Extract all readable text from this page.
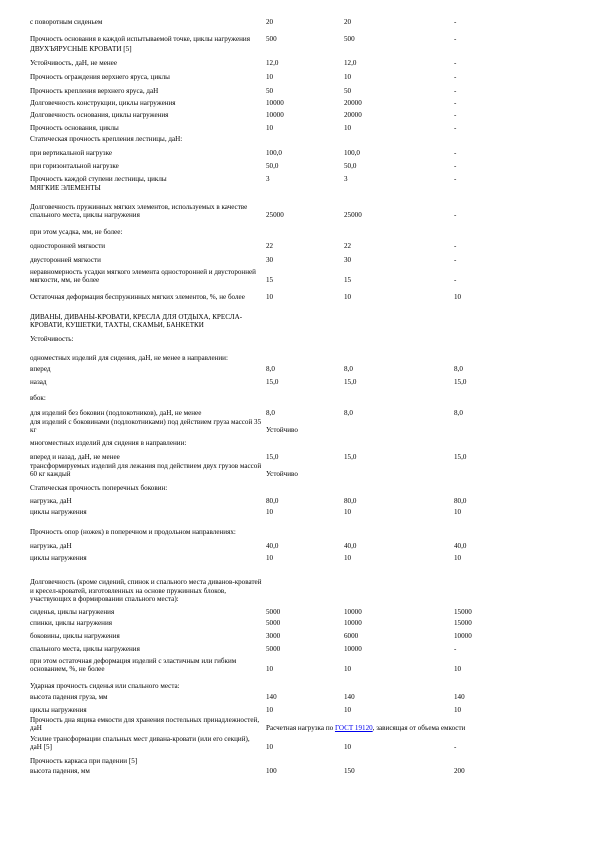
с поворотным сиденьем	20	20	-
Прочность основания в каждой испытываемой точке, циклы нагружения	500	500	-
ДВУХЪЯРУСНЫЕ КРОВАТИ [5]			
Устойчивость, даН, не менее	12,0	12,0	-
Прочность ограждения верхнего яруса, циклы	10	10	-
Прочность крепления верхнего яруса, даН	50	50	-
Долговечность конструкции, циклы нагружения	10000	20000	-
Долговечность основания, циклы нагружения	10000	20000	-
Прочность основания, циклы	10	10	-
Статическая прочность крепления лестницы, даН:			
при вертикальной нагрузке	100,0	100,0	-
при горизонтальной нагрузке	50,0	50,0	-
Прочность каждой ступени лестницы, циклы	3	3	-
МЯГКИЕ ЭЛЕМЕНТЫ			
Долговечность пружинных мягких элементов, используемых в качестве спального места, циклы нагружения	25000	25000	-
при этом усадка, мм, не более:			
односторонней мягкости	22	22	-
двусторонней мягкости	30	30	-
неравномерность усадки мягкого элемента односторонней и двусторонней мягкости, мм, не более	15	15	-
Остаточная деформация беспружинных мягких элементов, %, не более	10	10	10
ДИВАНЫ, ДИВАНЫ-КРОВАТИ, КРЕСЛА ДЛЯ ОТДЫХА, КРЕСЛА-КРОВАТИ, КУШЕТКИ, ТАХТЫ, СКАМЬИ, БАНКЕТКИ			
Устойчивость:			
одноместных изделий для сидения, даН, не менее в направлении:			
вперед	8,0	8,0	8,0
назад	15,0	15,0	15,0
вбок:			
для изделий без боковин (подлокотников), даН, не менее	8,0	8,0	8,0
для изделий с боковинами (подлокотниками) под действием груза массой 35 кг	Устойчиво		
многоместных изделий для сидения в направлении:			
вперед и назад, даН, не менее	15,0	15,0	15,0
трансформируемых изделий для лежания под действием двух грузов массой 60 кг каждый	Устойчиво		
Статическая прочность поперечных боковин:			
нагрузка, даН	80,0	80,0	80,0
циклы нагружения	10	10	10
Прочность опор (ножек) в поперечном и продольном направлениях:			
нагрузка, даН	40,0	40,0	40,0
циклы нагружения	10	10	10
Долговечность (кроме сидений, спинок и спального места диванов-кроватей и кресел-кроватей, изготовленных на основе пружинных блоков, участвующих в формировании спального места):			
сиденья, циклы нагружения	5000	10000	15000
спинки, циклы нагружения	5000	10000	15000
боковины, циклы нагружения	3000	6000	10000
спального места, циклы нагружения	5000	10000	-
при этом остаточная деформация изделий с эластичным или гибким основанием, %, не более	10	10	10
Ударная прочность сиденья или спального места:			
высота падения груза, мм	140	140	140
циклы нагружения	10	10	10
Прочность дна ящика емкости для хранения постельных принадлежностей, даН	Расчетная нагрузка по ГОСТ 19120, зависящая от объема емкости		
Усилие трансформации спальных мест дивана-кровати (или его секций), даН [5]	10	10	-
Прочность каркаса при падении [5]			
высота падения, мм	100	150	200
